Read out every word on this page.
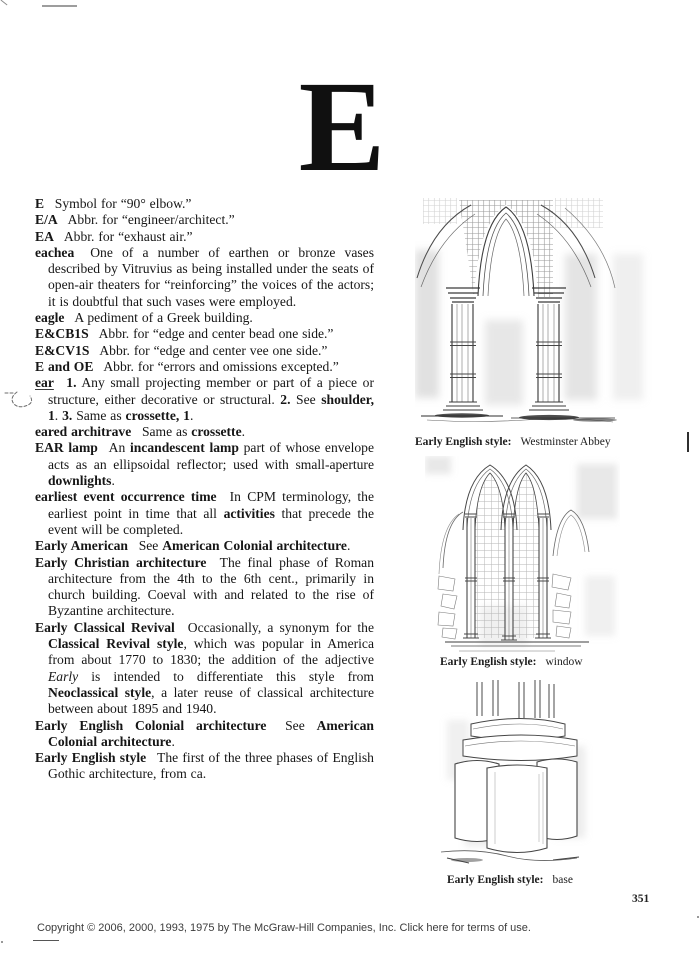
E

E  Symbol for “90° elbow.”

E/A  Abbr. for “engineer/architect.”

EA  Abbr. for “exhaust air.”

eachea  One of a number of earthen or bronze vases described by Vitruvius as being installed under the seats of open-air theaters for “reinforcing” the voices of the actors; it is doubtful that such vases were employed.

eagle  A pediment of a Greek building.

E&CB1S  Abbr. for “edge and center bead one side.”

E&CV1S  Abbr. for “edge and center vee one side.”

E and OE  Abbr. for “errors and omissions excepted.”

ear  1. Any small projecting member or part of a piece or structure, either decorative or structural. 2. See shoulder, 1. 3. Same as crossette, 1.

eared architrave  Same as crossette.

EAR lamp  An incandescent lamp part of whose envelope acts as an ellipsoidal reflector; used with small-aperture downlights.

earliest event occurrence time  In CPM terminology, the earliest point in time that all activities that precede the event will be completed.

Early American  See American Colonial architecture.

Early Christian architecture  The final phase of Roman architecture from the 4th to the 6th cent., primarily in church building. Coeval with and related to the rise of Byzantine architecture.

Early Classical Revival  Occasionally, a synonym for the Classical Revival style, which was popular in America from about 1770 to 1830; the addition of the adjective Early is intended to differentiate this style from Neoclassical style, a later reuse of classical architecture between about 1895 and 1940.

Early English Colonial architecture  See American Colonial architecture.

Early English style  The first of the three phases of English Gothic architecture, from ca.

Early English style: Westminster Abbey
Early English style: window
Early English style: base
351
Copyright © 2006, 2000, 1993, 1975 by The McGraw-Hill Companies, Inc. Click here for terms of use.
